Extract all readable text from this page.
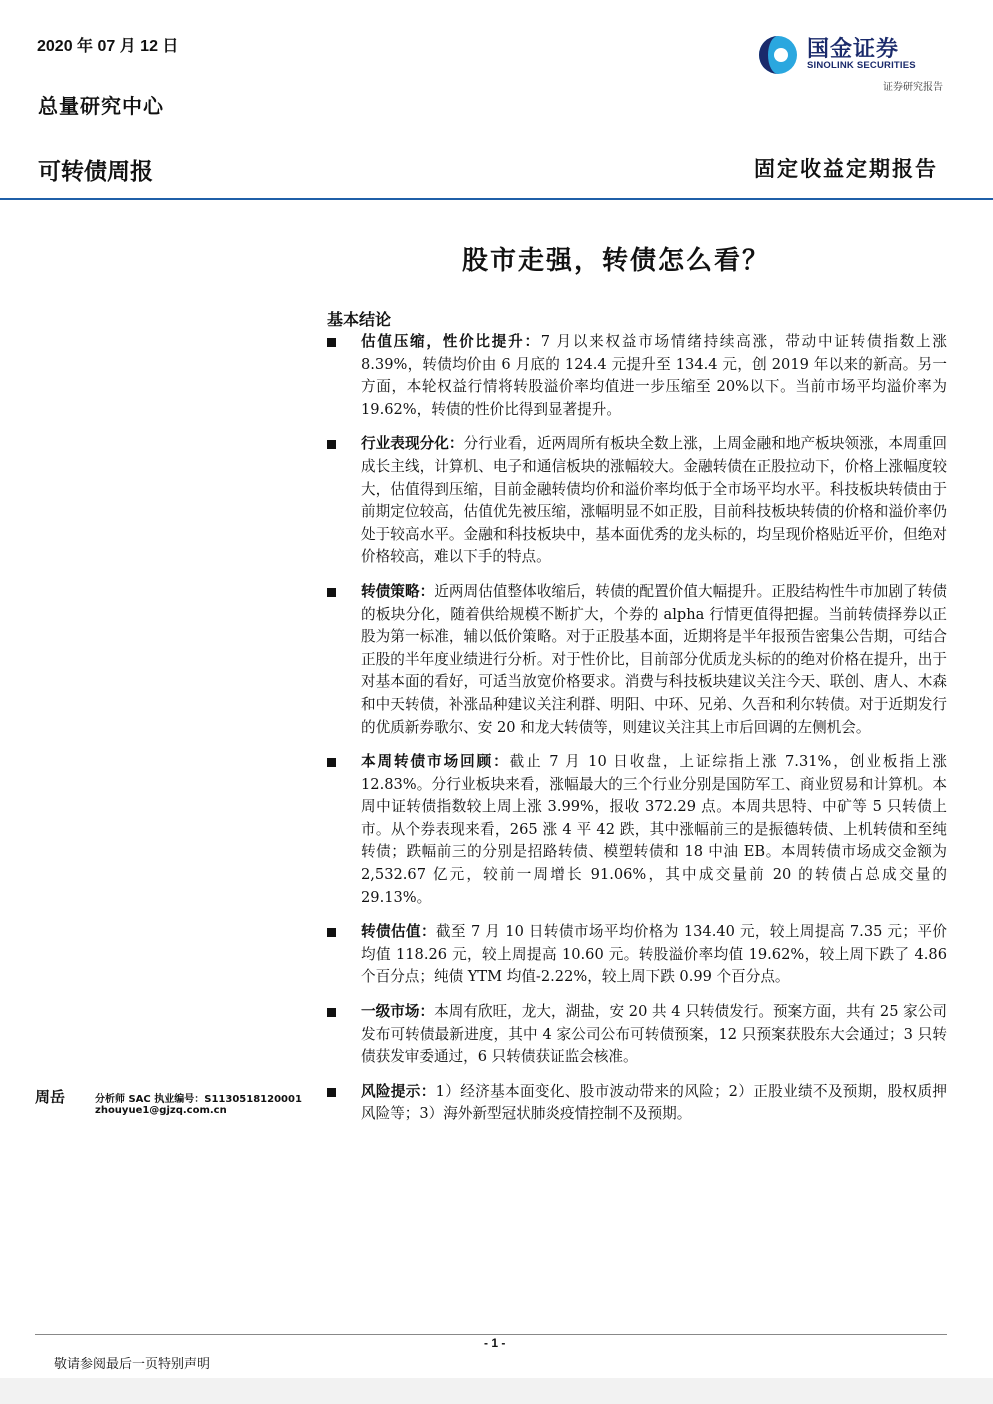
2020 年 07 月 12 日
总量研究中心
可转债周报	固定收益定期报告
国金证券
SINOLINK SECURITIES
证券研究报告
股市走强，转债怎么看？
基本结论
估值压缩，性价比提升：7 月以来权益市场情绪持续高涨，带动中证转债指数上涨 8.39%，转债均价由 6 月底的 124.4 元提升至 134.4 元，创 2019 年以来的新高。另一方面，本轮权益行情将转股溢价率均值进一步压缩至 20%以下。当前市场平均溢价率为 19.62%，转债的性价比得到显著提升。
行业表现分化：分行业看，近两周所有板块全数上涨，上周金融和地产板块领涨，本周重回成长主线，计算机、电子和通信板块的涨幅较大。金融转债在正股拉动下，价格上涨幅度较大，估值得到压缩，目前金融转债均价和溢价率均低于全市场平均水平。科技板块转债由于前期定位较高，估值优先被压缩，涨幅明显不如正股，目前科技板块转债的价格和溢价率仍处于较高水平。金融和科技板块中，基本面优秀的龙头标的，均呈现价格贴近平价，但绝对价格较高，难以下手的特点。
转债策略：近两周估值整体收缩后，转债的配置价值大幅提升。正股结构性牛市加剧了转债的板块分化，随着供给规模不断扩大，个券的 alpha 行情更值得把握。当前转债择券以正股为第一标准，辅以低价策略。对于正股基本面，近期将是半年报预告密集公告期，可结合正股的半年度业绩进行分析。对于性价比，目前部分优质龙头标的的绝对价格在提升，出于对基本面的看好，可适当放宽价格要求。消费与科技板块建议关注今天、联创、唐人、木森和中天转债，补涨品种建议关注利群、明阳、中环、兄弟、久吾和利尔转债。对于近期发行的优质新券歌尔、安 20 和龙大转债等，则建议关注其上市后回调的左侧机会。
本周转债市场回顾：截止 7 月 10 日收盘，上证综指上涨 7.31%，创业板指上涨 12.83%。分行业板块来看，涨幅最大的三个行业分别是国防军工、商业贸易和计算机。本周中证转债指数较上周上涨 3.99%，报收 372.29 点。本周共思特、中矿等 5 只转债上市。从个券表现来看，265 涨 4 平 42 跌，其中涨幅前三的是振德转债、上机转债和至纯转债；跌幅前三的分别是招路转债、模塑转债和 18 中油 EB。本周转债市场成交金额为 2,532.67 亿元，较前一周增长 91.06%，其中成交量前 20 的转债占总成交量的 29.13%。
转债估值：截至 7 月 10 日转债市场平均价格为 134.40 元，较上周提高 7.35 元；平价均值 118.26 元，较上周提高 10.60 元。转股溢价率均值 19.62%，较上周下跌了 4.86 个百分点；纯债 YTM 均值-2.22%，较上周下跌 0.99 个百分点。
一级市场：本周有欣旺，龙大，湖盐，安 20 共 4 只转债发行。预案方面，共有 25 家公司发布可转债最新进度，其中 4 家公司公布可转债预案，12 只预案获股东大会通过；3 只转债获发审委通过，6 只转债获证监会核准。
风险提示：1）经济基本面变化、股市波动带来的风险；2）正股业绩不及预期，股权质押风险等；3）海外新型冠状肺炎疫情控制不及预期。
周岳	分析师 SAC 执业编号：S1130518120001
zhouyue1@gjzq.com.cn
- 1 -
敬请参阅最后一页特别声明
